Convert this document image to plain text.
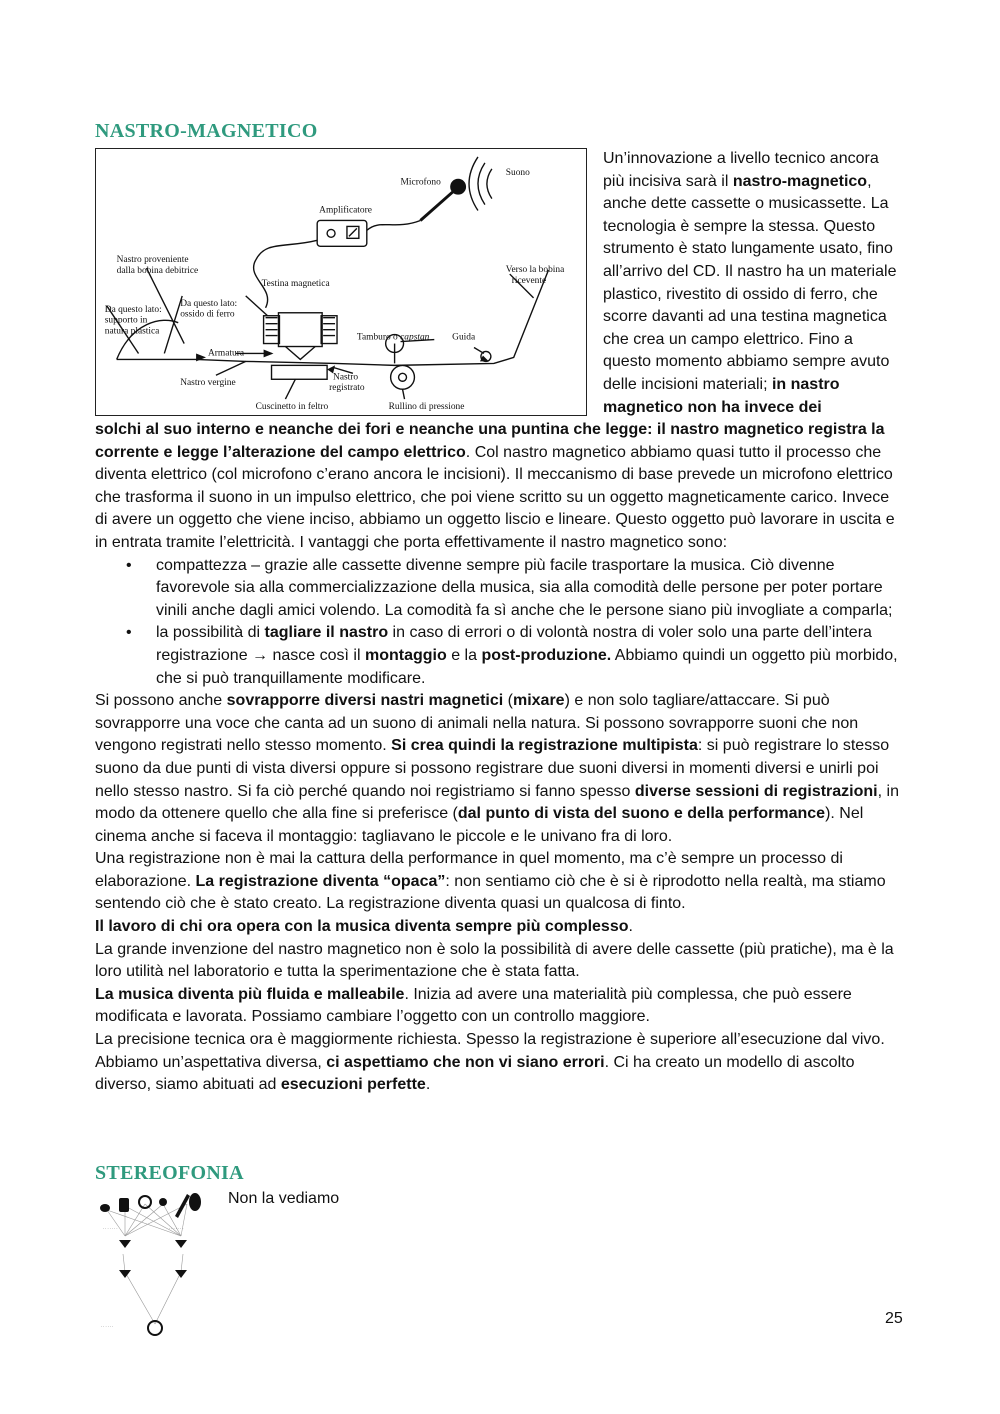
NASTRO-MAGNETICO
Microfono
Suono
Amplificatore
Nastro proveniente
dalla bobina debitrice
Testina magnetica
Verso la bobina
ricevente
Da questo lato:
supporto in
natura plastica
Da questo lato:
ossido di ferro
Tamburo o capstan Guida
Armatura
Nastro vergine
Nastro
registrato
Cuscinetto in feltro	Rullino di pressione

Un’innovazione a livello tecnico ancora più incisiva sarà il nastro-magnetico, anche dette cassette o musicassette. La tecnologia è sempre la stessa. Questo strumento è stato lungamente usato, fino all’arrivo del CD. Il nastro ha un materiale plastico, rivestito di ossido di ferro, che scorre davanti ad una testina magnetica che crea un campo elettrico. Fino a questo momento abbiamo sempre avuto delle incisioni materiali; in nastro magnetico non ha invece dei

solchi al suo interno e neanche dei fori e neanche una puntina che legge: il nastro magnetico registra la corrente e legge l’alterazione del campo elettrico. Col nastro magnetico abbiamo quasi tutto il processo che diventa elettrico (col microfono c’erano ancora le incisioni). Il meccanismo di base prevede un microfono elettrico che trasforma il suono in un impulso elettrico, che poi viene scritto su un oggetto magneticamente carico. Invece di avere un oggetto che viene inciso, abbiamo un oggetto liscio e lineare. Questo oggetto può lavorare in uscita e in entrata tramite l’elettricità. I vantaggi che porta effettivamente il nastro magnetico sono:

• compattezza – grazie alle cassette divenne sempre più facile trasportare la musica. Ciò divenne favorevole sia alla commercializzazione della musica, sia alla comodità delle persone per poter portare vinili anche dagli amici volendo. La comodità fa sì anche che le persone siano più invogliate a comparla;
• la possibilità di tagliare il nastro in caso di errori o di volontà nostra di voler solo una parte dell’intera registrazione → nasce così il montaggio e la post-produzione. Abbiamo quindi un oggetto più morbido, che si può tranquillamente modificare.

Si possono anche sovrapporre diversi nastri magnetici (mixare) e non solo tagliare/attaccare. Si può sovrapporre una voce che canta ad un suono di animali nella natura. Si possono sovrapporre suoni che non vengono registrati nello stesso momento. Si crea quindi la registrazione multipista: si può registrare lo stesso suono da due punti di vista diversi oppure si possono registrare due suoni diversi in momenti diversi e unirli poi nello stesso nastro. Si fa ciò perché quando noi registriamo si fanno spesso diverse sessioni di registrazioni, in modo da ottenere quello che alla fine si preferisce (dal punto di vista del suono e della performance). Nel cinema anche si faceva il montaggio: tagliavano le piccole e le univano fra di loro.

Una registrazione non è mai la cattura della performance in quel momento, ma c’è sempre un processo di elaborazione. La registrazione diventa “opaca”: non sentiamo ciò che è si è riprodotto nella realtà, ma stiamo sentendo ciò che è stato creato. La registrazione diventa quasi un qualcosa di finto.

Il lavoro di chi ora opera con la musica diventa sempre più complesso.

La grande invenzione del nastro magnetico non è solo la possibilità di avere delle cassette (più pratiche), ma è la loro utilità nel laboratorio e tutta la sperimentazione che è stata fatta.

La musica diventa più fluida e malleabile. Inizia ad avere una materialità più complessa, che può essere modificata e lavorata. Possiamo cambiare l’oggetto con un controllo maggiore.

La precisione tecnica ora è maggiormente richiesta. Spesso la registrazione è superiore all’esecuzione dal vivo. Abbiamo un’aspettativa diversa, ci aspettiamo che non vi siano errori. Ci ha creato un modello di ascolto diverso, siamo abituati ad esecuzioni perfette.

STEREOFONIA
· · · · · · ·	· · · · · · ·
· · · · · ·
Non la vediamo
25
